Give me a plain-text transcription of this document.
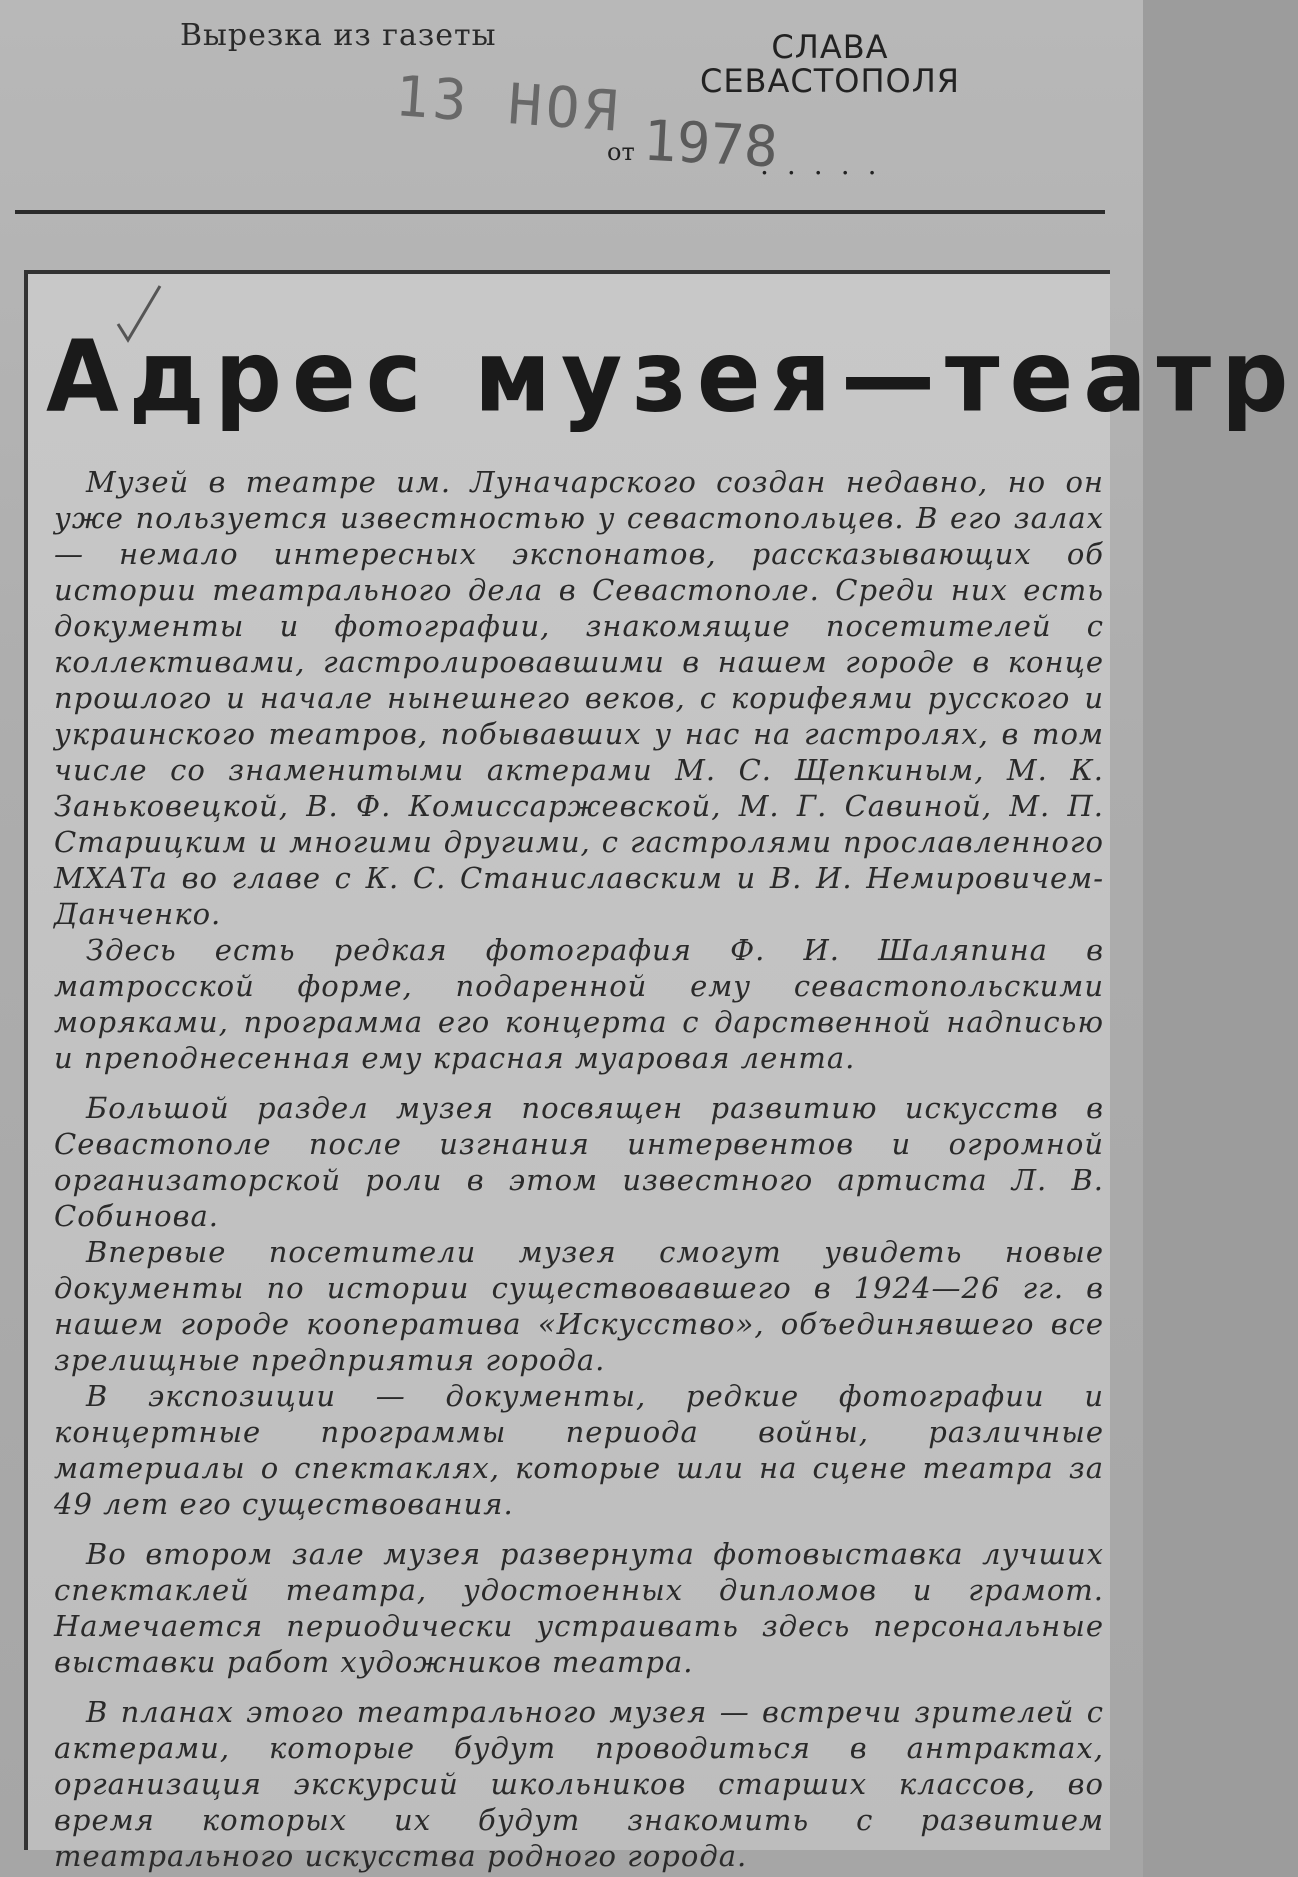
Вырезка из газеты	СЛАВА
СЕВАСТОПОЛЯ
13 НОЯ
от 1978
.....
Адрес музея—театр

Музей в театре им. Луначарского создан недавно, но он уже пользуется известностью у севастопольцев. В его залах — немало интересных экспонатов, рассказывающих об истории театрального дела в Севастополе. Среди них есть документы и фотографии, знакомящие посетителей с коллективами, гастролировавшими в нашем городе в конце прошлого и начале нынешнего веков, с корифеями русского и украинского театров, побывавших у нас на гастролях, в том числе со знаменитыми актерами М. С. Щепкиным, М. К. Заньковецкой, В. Ф. Комиссаржевской, М. Г. Савиной, М. П. Старицким и многими другими, с гастролями прославленного МХАТа во главе с К. С. Станиславским и В. И. Немировичем-Данченко.

Здесь есть редкая фотография Ф. И. Шаляпина в матросской форме, подаренной ему севастопольскими моряками, программа его концерта с дарственной надписью и преподнесенная ему красная муаровая лента.

Большой раздел музея посвящен развитию искусств в Севастополе после изгнания интервентов и огромной организаторской роли в этом известного артиста Л. В. Собинова.

Впервые посетители музея смогут увидеть новые документы по истории существовавшего в 1924—26 гг. в нашем городе кооператива «Искусство», объединявшего все зрелищные предприятия города.

В экспозиции — документы, редкие фотографии и концертные программы периода войны, различные материалы о спектаклях, которые шли на сцене театра за 49 лет его существования.

Во втором зале музея развернута фотовыставка лучших спектаклей театра, удостоенных дипломов и грамот. Намечается периодически устраивать здесь персональные выставки работ художников театра.

В планах этого театрального музея — встречи зрителей с актерами, которые будут проводиться в антрактах, организация экскурсий школьников старших классов, во время которых их будут знакомить с развитием театрального искусства родного города.
